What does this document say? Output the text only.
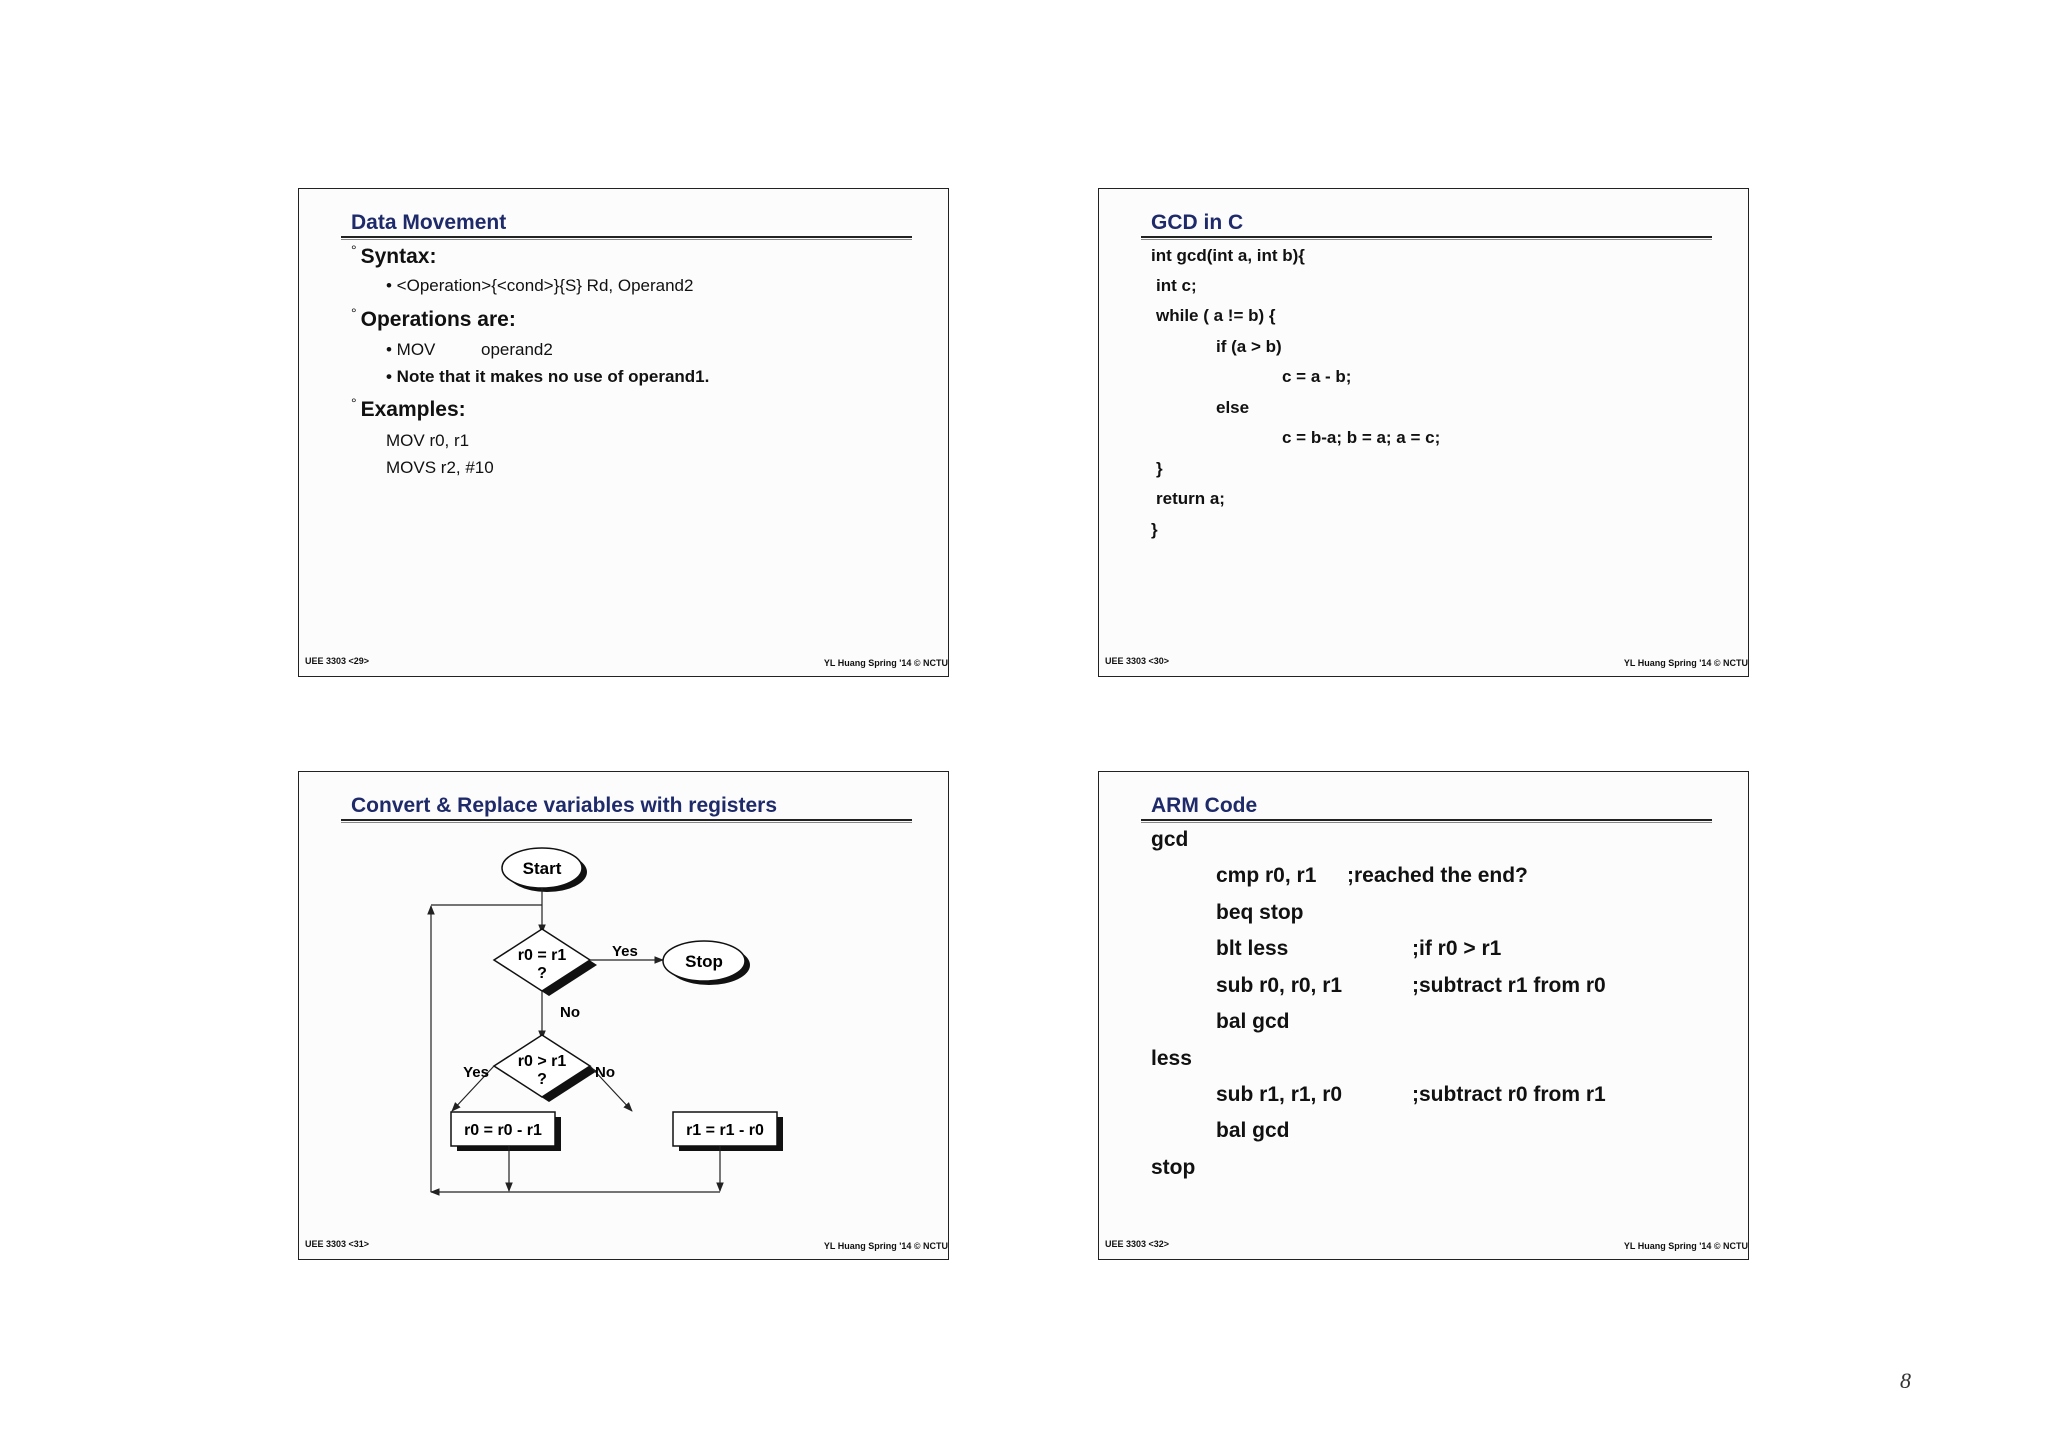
Data Movement
° Syntax:
• <Operation>{<cond>}{S} Rd, Operand2
° Operations are:
• MOV	operand2
• Note that it makes no use of operand1.
° Examples:
MOV r0, r1
MOVS r2, #10
UEE 3303 <29>	YL Huang Spring '14 © NCTU
GCD in C
int gcd(int a, int b){
int c;
while ( a != b) {
if (a > b)
c = a - b;
else
c = b-a; b = a; a = c;
}
return a;
}
UEE 3303 <30>	YL Huang Spring '14 © NCTU
Convert & Replace variables with registers
Start
r0 = r1
?
Yes
Stop
No
r0 > r1
?
Yes	No
r0 = r0 - r1	r1 = r1 - r0
UEE 3303 <31>	YL Huang Spring '14 © NCTU
ARM Code
gcd
cmp r0, r1 ;reached the end?
beq stop
blt less	;if r0 > r1
sub r0, r0, r1	;subtract r1 from r0
bal gcd
less
sub r1, r1, r0	;subtract r0 from r1
bal gcd
stop
UEE 3303 <32>	YL Huang Spring '14 © NCTU
8
